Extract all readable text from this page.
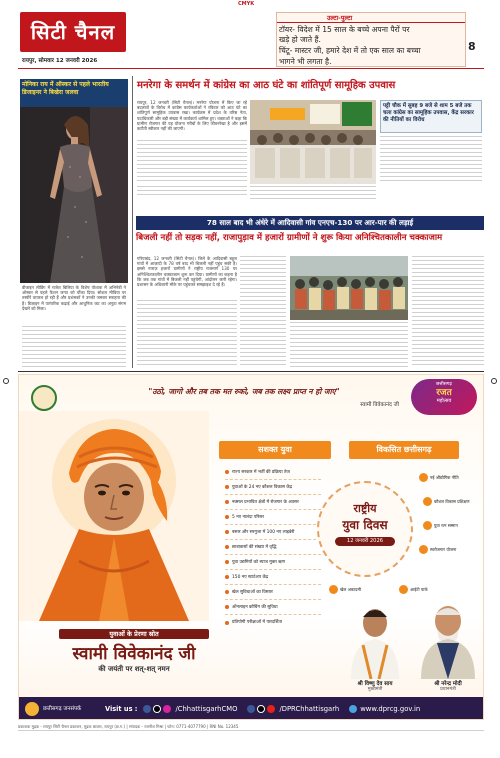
CMYK
सिटी चैनल
रायपुर, सोमवार 12 जनवरी 2026
8
उल्टा-पुल्टा
टॉयर- विदेश में 15 साल के बच्चे अपना पैरों पर
खड़े हो जाते हैं.
चिंटू- मास्टर जी, हमारे देश में तो एक साल का बच्चा
भागने भी लगता है.
मोनिका राय में ऑस्कर से पहले भारतीय डिजाइनर ने बिखेरा जलवा
डीजाइन लीडिंग में राजेश बिलिया के विशेष पोशाक में अभिनेत्री ने ऑस्कर से पहले फैशन जगत को चौंका दिया। सोशल मीडिया पर तस्वीरें वायरल हो रही हैं और प्रशंसकों ने उनकी जमकर सराहना की है। डिज़ाइन में पारंपरिक कढ़ाई और आधुनिक कट का अनूठा संगम देखने को मिला।
मनरेगा के समर्थन में कांग्रेस का आठ घंटे का शांतिपूर्ण सामूहिक उपवास
रायपुर, 12 जनवरी (सिटी चैनल)। मनरेगा योजना में किए जा रहे बदलावों के विरोध में कांग्रेस कार्यकर्ताओं ने रविवार को आठ घंटे का शांतिपूर्ण सामूहिक उपवास रखा। कार्यक्रम में प्रदेश के वरिष्ठ नेता, पदाधिकारी और बड़ी संख्या में कार्यकर्ता शामिल हुए। वक्ताओं ने कहा कि ग्रामीण रोजगार की यह योजना गरीबों के लिए जीवनरेखा है और इसमें कटौती स्वीकार नहीं की जाएगी।
पट्टी चौक में सुबह 9 बजे से शाम 5 बजे तक चला कांग्रेस का सामूहिक उपवास, केंद्र सरकार की नीतियों का विरोध
78 साल बाद भी अंधेरे में आदिवासी गांव एनएच-130 पर आर-पार की लड़ाई
बिजली नहीं तो सड़क नहीं, राजापुड़ाव में हजारों ग्रामीणों ने शुरू किया अनिश्चितकालीन चक्काजाम
गरियाबंद, 12 जनवरी (सिटी चैनल)। जिले के आदिवासी बहुल गांवों में आज़ादी के 78 वर्ष बाद भी बिजली नहीं पहुंच सकी है। इससे नाराज़ हजारों ग्रामीणों ने राष्ट्रीय राजमार्ग 130 पर अनिश्चितकालीन चक्काजाम शुरू कर दिया। ग्रामीणों का कहना है कि जब तक गांवों में बिजली नहीं पहुंचेगी, आंदोलन जारी रहेगा। प्रशासन के अधिकारी मौके पर पहुंचकर समझाइश दे रहे हैं।
"उठो, जागो और तब तक मत रुको, जब तक लक्ष्य प्राप्त न हो जाए"
स्वामी विवेकानंद जी
छत्तीसगढ़
रजत
महोत्सव
युवाओं के प्रेरणा स्रोत
स्वामी विवेकानंद जी
की जयंती पर शत्-शत् नमन
सशक्त युवा	विकसित छत्तीसगढ़
राज्य सरकार में भर्ती की प्रक्रिया तेज
युवाओं के 24 नए कौशल विकास केंद्र
नक्सल प्रभावित क्षेत्रों में रोजगार के अवसर
5 नए नालंदा परिसर
बस्तर और सरगुजा में 100 नए लाइब्रेरी
छात्रावासों की संख्या में वृद्धि
युवा उद्यमियों को ब्याज मुक्त ऋण
150 नए स्टार्टअप केंद्र
खेल सुविधाओं का विस्तार
ऑनलाइन कोचिंग की सुविधा
प्रतियोगी परीक्षाओं में पारदर्शिता
राष्ट्रीय
युवा दिवस
12 जनवरी 2026
नई औद्योगिक नीति
कौशल विकास प्रशिक्षण
युवा रत्न सम्मान
स्वरोजगार योजना
खेल अकादमी	आईटी पार्क
श्री विष्णु देव साय
मुख्यमंत्री
श्री नरेन्द्र मोदी
प्रधानमंत्री
छत्तीसगढ़ जनसंपर्क	Visit us :	/ChhattisgarhCMO	/DPRChhattisgarh	www.dprcg.gov.in
प्रकाशक मुद्रक - रायपुर सिटी चैनल प्रकाशन, मुद्रक बाजार, रायपुर (छ.ग.) | संपादक - रजनीश मिश्रा | फोन: 0771-4077790 | RNI No. 12345
